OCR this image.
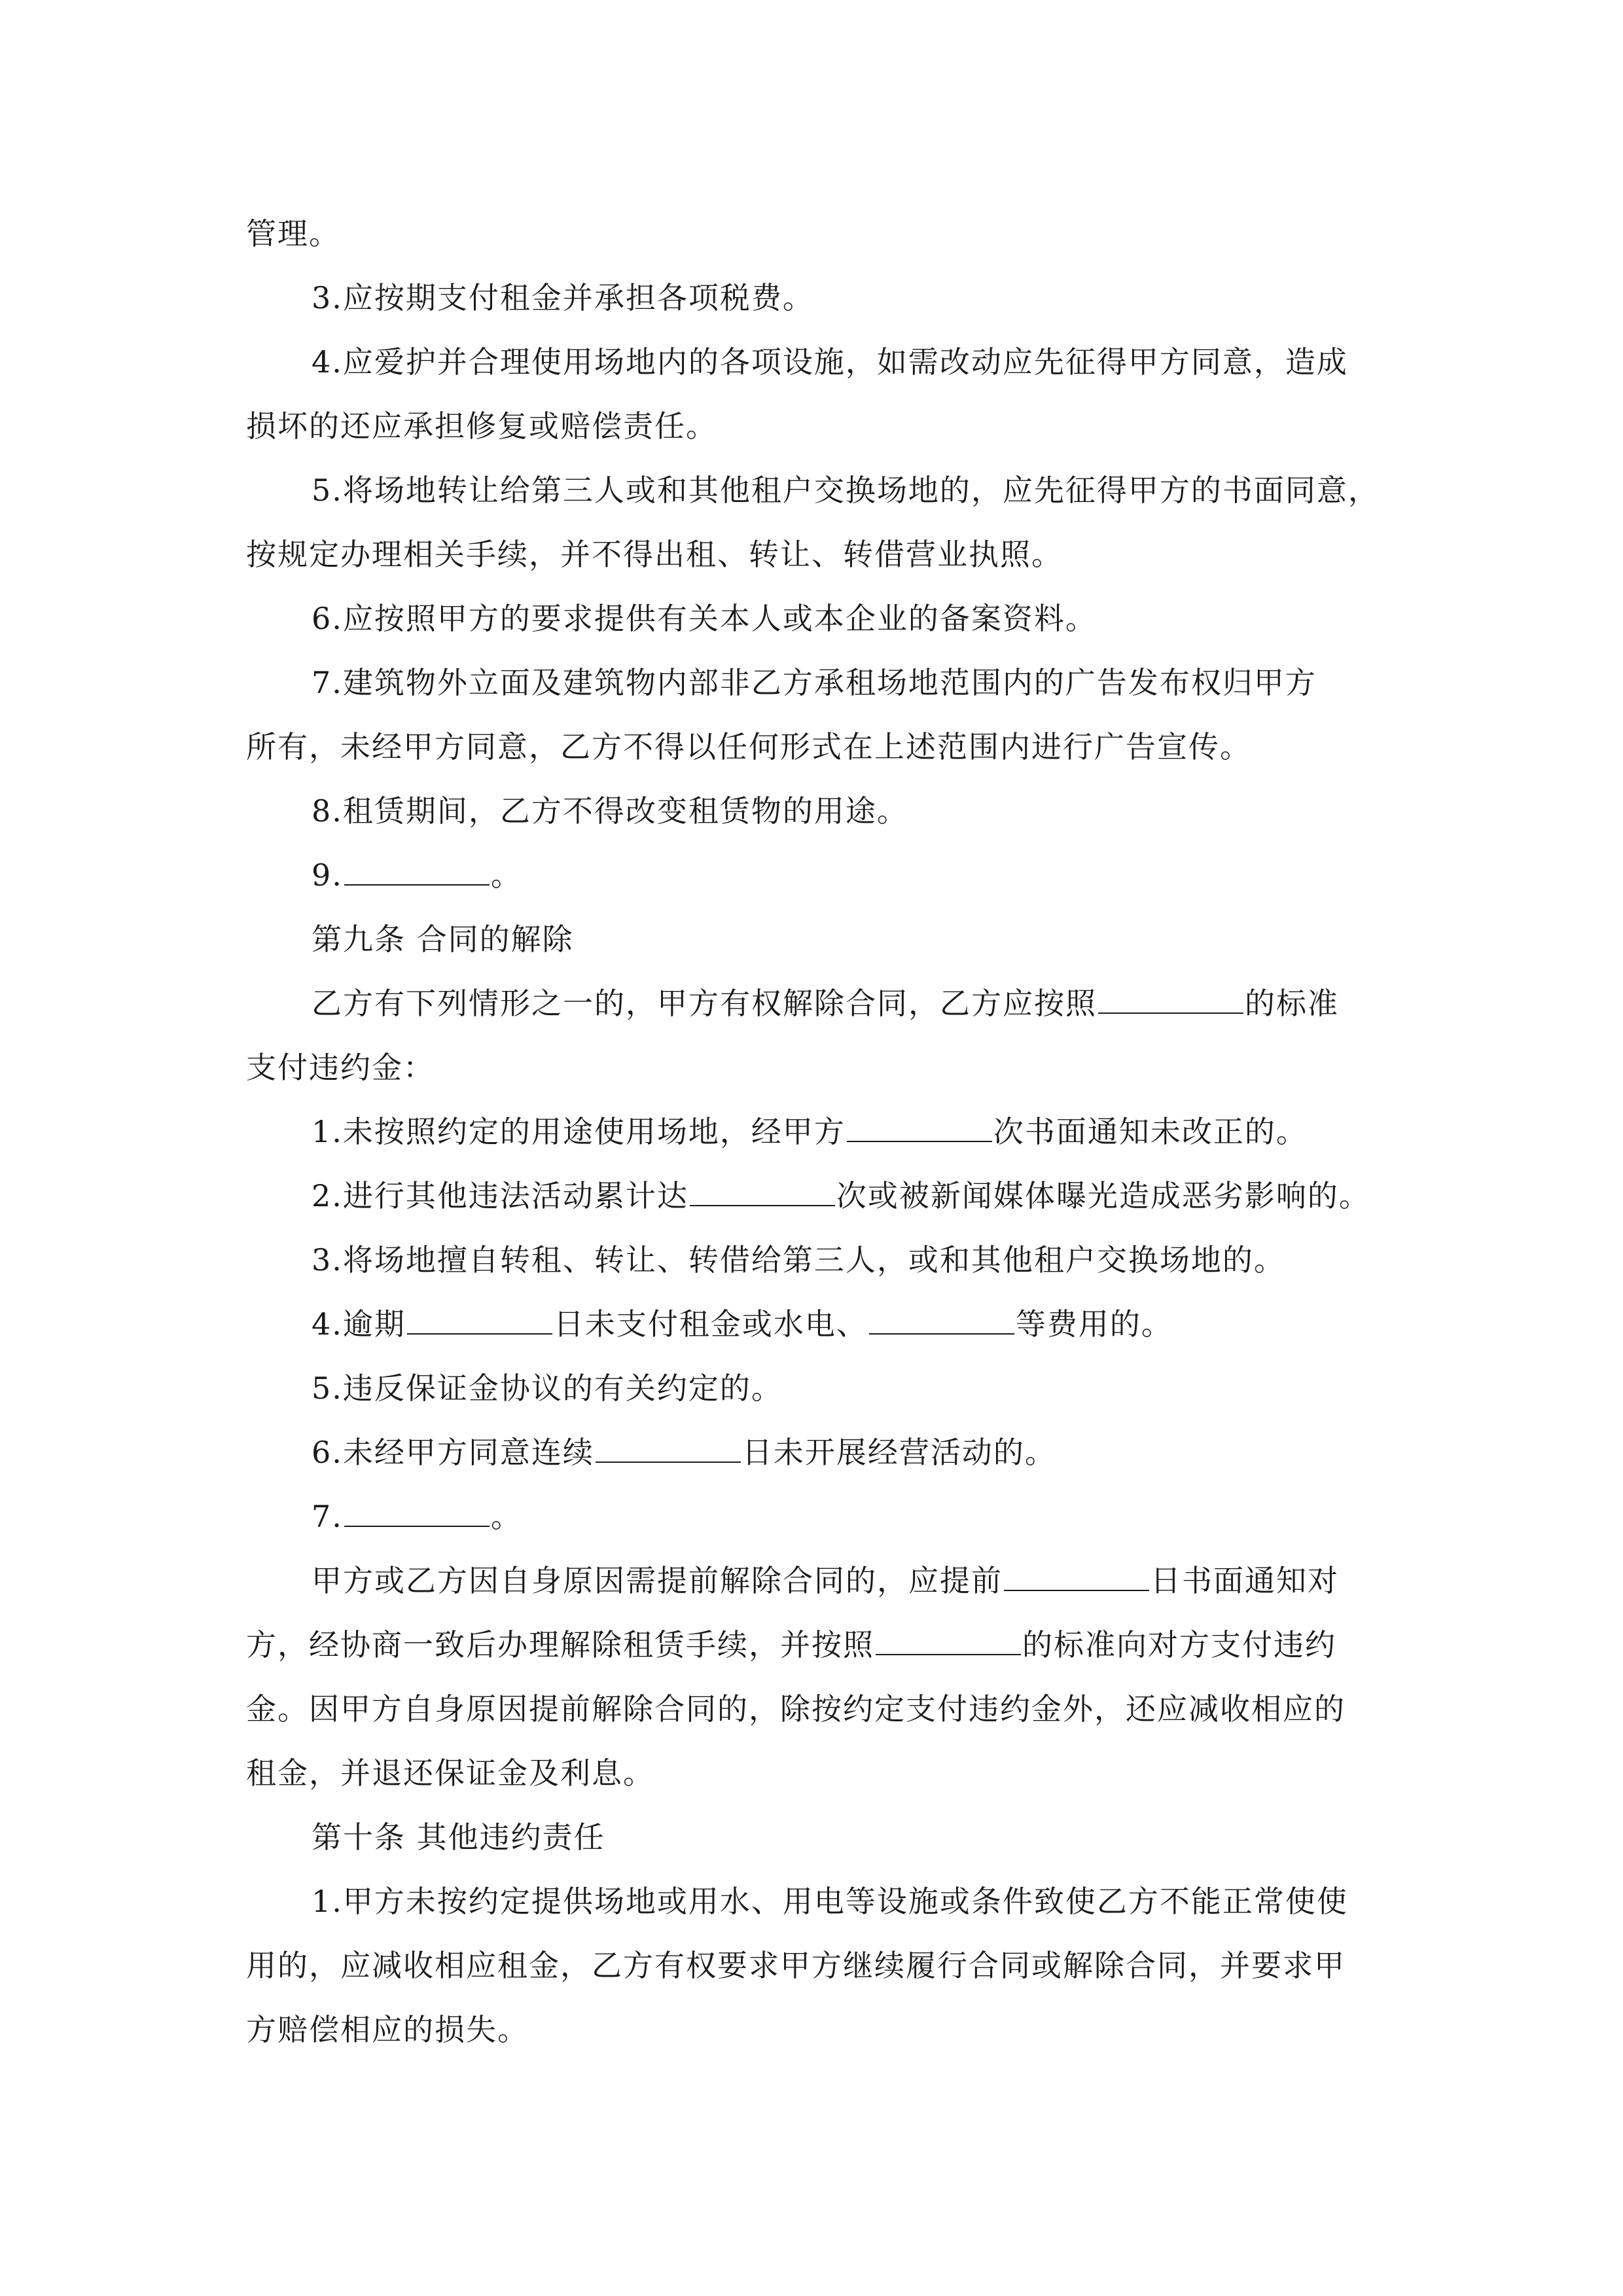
管理。
3.应按期支付租金并承担各项税费。
4.应爱护并合理使用场地内的各项设施，如需改动应先征得甲方同意，造成
损坏的还应承担修复或赔偿责任。
5.将场地转让给第三人或和其他租户交换场地的，应先征得甲方的书面同意，
按规定办理相关手续，并不得出租、转让、转借营业执照。
6.应按照甲方的要求提供有关本人或本企业的备案资料。
7.建筑物外立面及建筑物内部非乙方承租场地范围内的广告发布权归甲方
所有，未经甲方同意，乙方不得以任何形式在上述范围内进行广告宣传。
8.租赁期间，乙方不得改变租赁物的用途。
9.	。
第九条 合同的解除
乙方有下列情形之一的，甲方有权解除合同，乙方应按照	的标准
支付违约金：
1.未按照约定的用途使用场地，经甲方	次书面通知未改正的。
2.进行其他违法活动累计达	次或被新闻媒体曝光造成恶劣影响的。
3.将场地擅自转租、转让、转借给第三人，或和其他租户交换场地的。
4.逾期	日未支付租金或水电、	等费用的。
5.违反保证金协议的有关约定的。
6.未经甲方同意连续	日未开展经营活动的。
7.	。
甲方或乙方因自身原因需提前解除合同的，应提前	日书面通知对
方，经协商一致后办理解除租赁手续，并按照	的标准向对方支付违约
金。因甲方自身原因提前解除合同的，除按约定支付违约金外，还应减收相应的
租金，并退还保证金及利息。
第十条 其他违约责任
1.甲方未按约定提供场地或用水、用电等设施或条件致使乙方不能正常使使
用的，应减收相应租金，乙方有权要求甲方继续履行合同或解除合同，并要求甲
方赔偿相应的损失。
